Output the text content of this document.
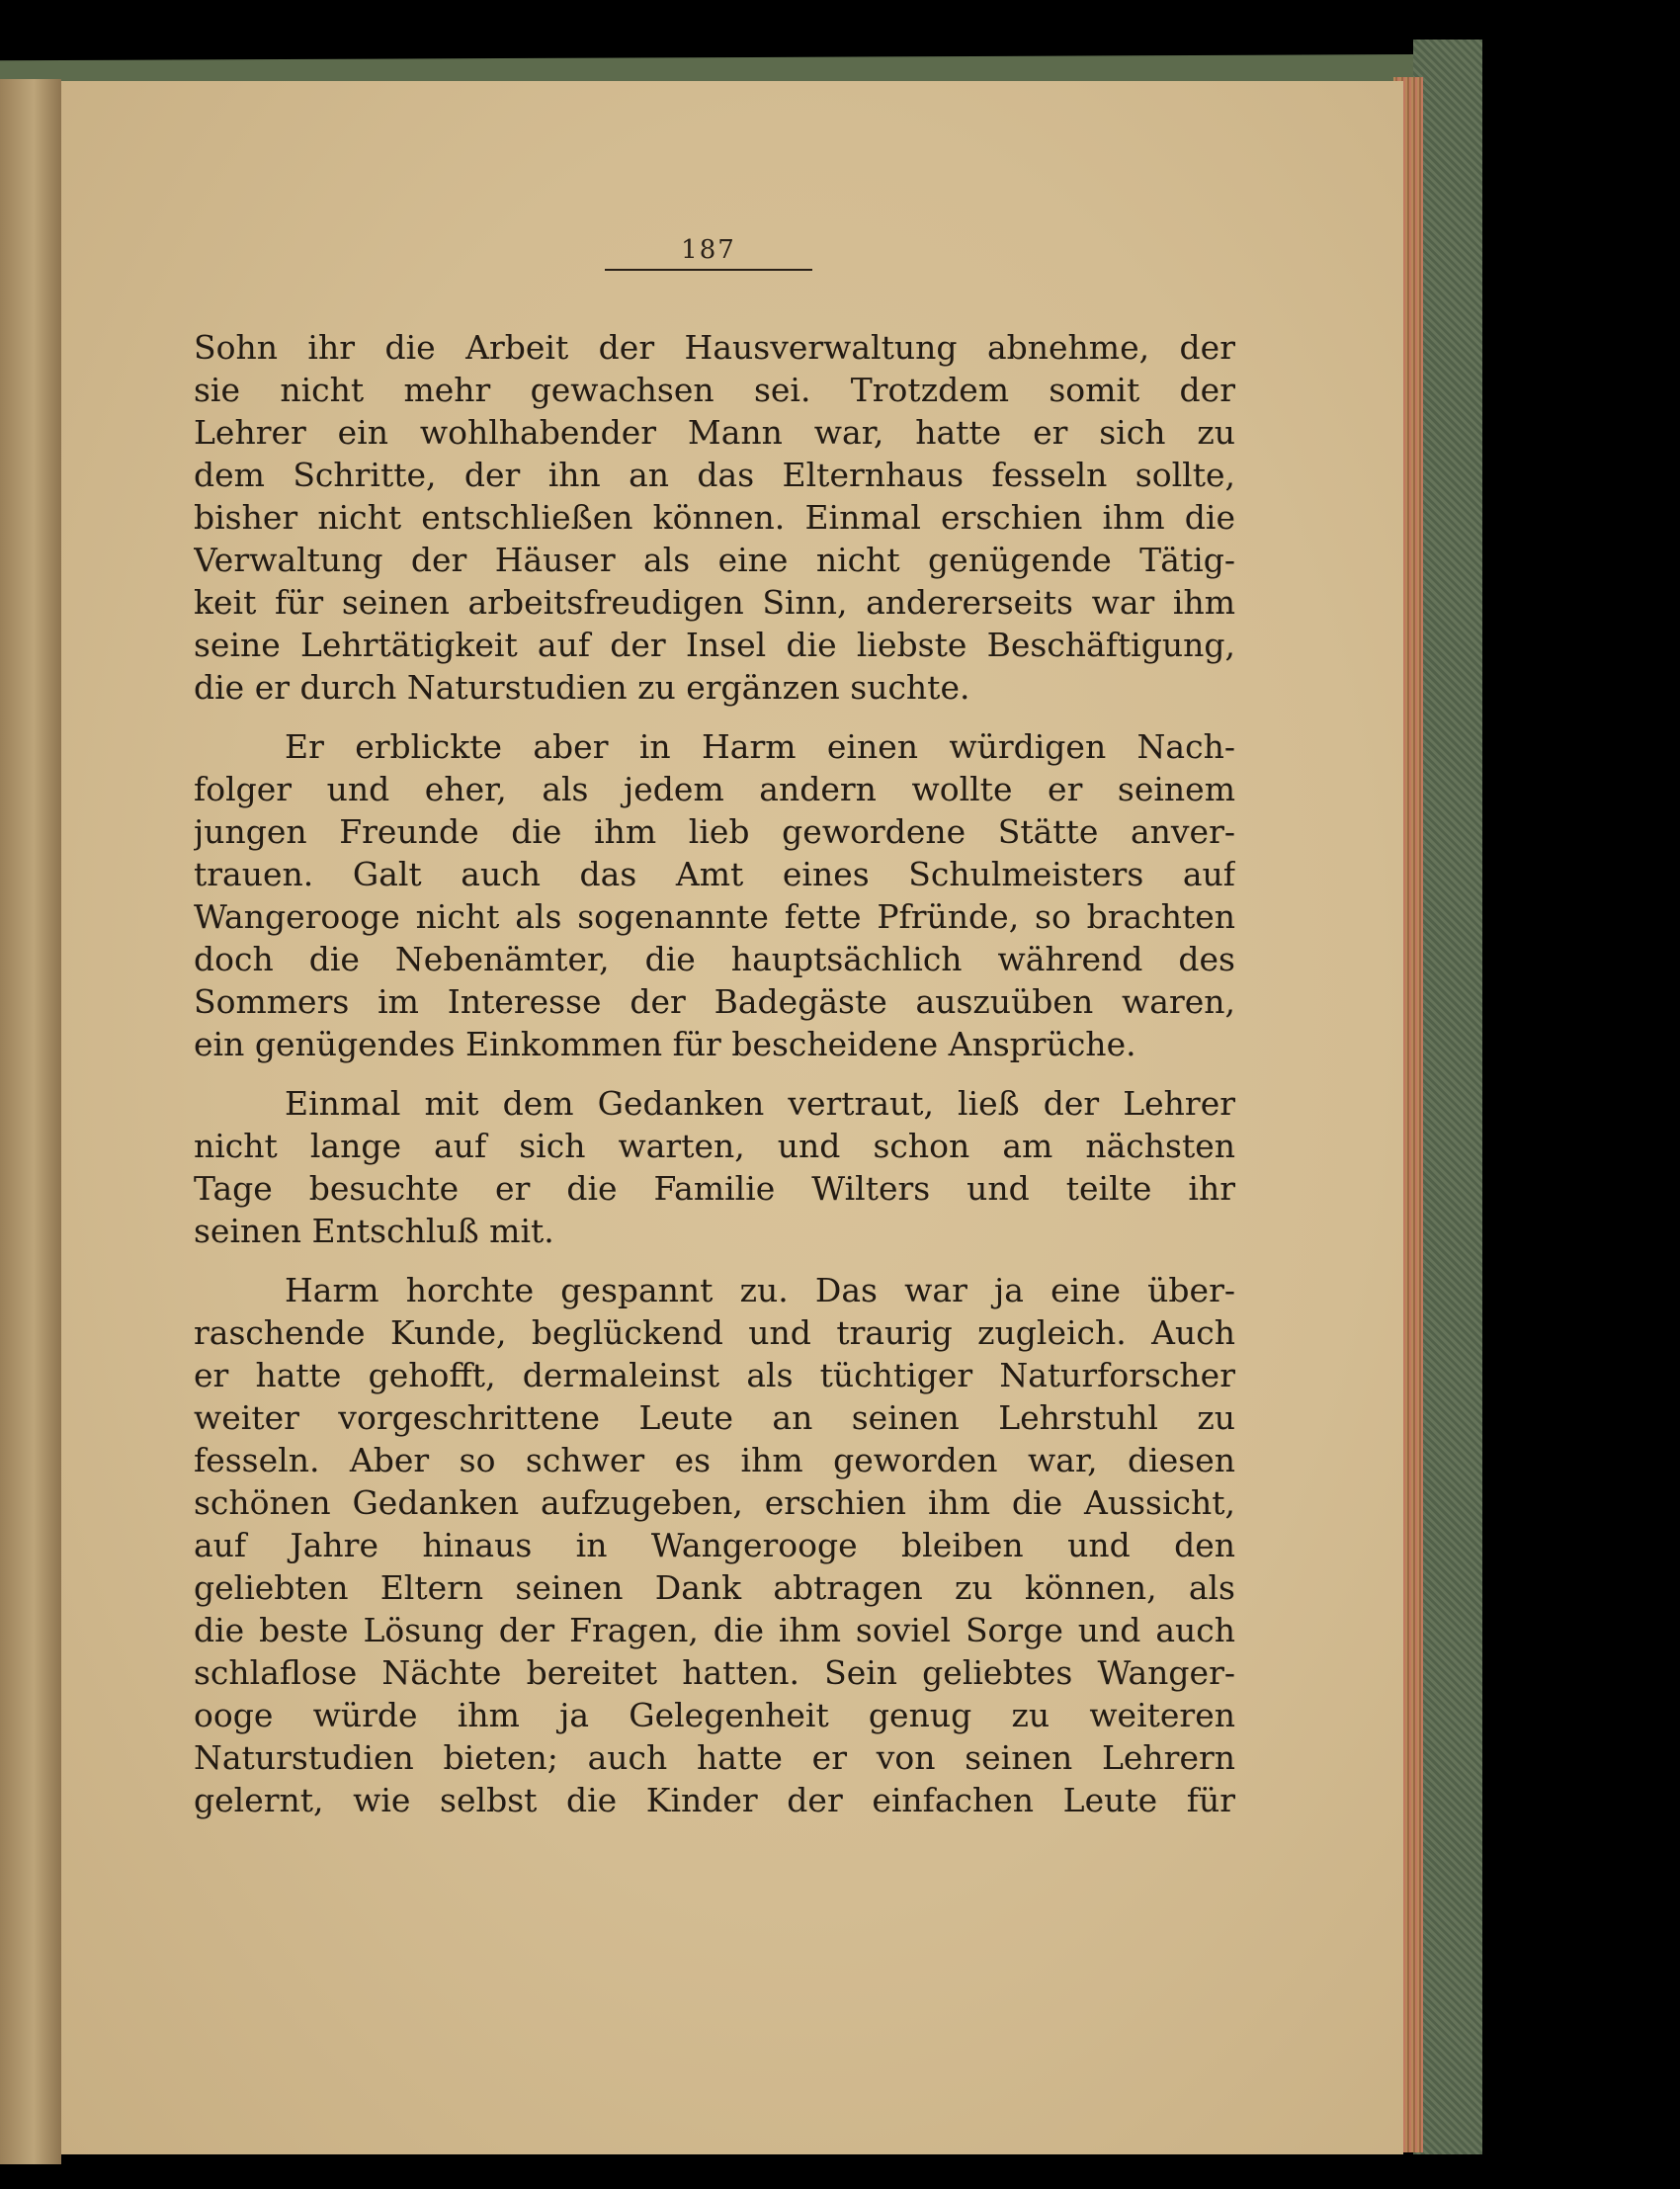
187

Sohn ihr die Arbeit der Hausverwaltung abnehme, der
sie nicht mehr gewachsen sei. Trotzdem somit der
Lehrer ein wohlhabender Mann war, hatte er sich zu
dem Schritte, der ihn an das Elternhaus fesseln sollte,
bisher nicht entschließen können. Einmal erschien ihm die
Verwaltung der Häuser als eine nicht genügende Tätig-
keit für seinen arbeitsfreudigen Sinn, andererseits war ihm
seine Lehrtätigkeit auf der Insel die liebste Beschäftigung,
die er durch Naturstudien zu ergänzen suchte.

Er erblickte aber in Harm einen würdigen Nach-
folger und eher, als jedem andern wollte er seinem
jungen Freunde die ihm lieb gewordene Stätte anver-
trauen. Galt auch das Amt eines Schulmeisters auf
Wangerooge nicht als sogenannte fette Pfründe, so brachten
doch die Nebenämter, die hauptsächlich während des
Sommers im Interesse der Badegäste auszuüben waren,
ein genügendes Einkommen für bescheidene Ansprüche.

Einmal mit dem Gedanken vertraut, ließ der Lehrer
nicht lange auf sich warten, und schon am nächsten
Tage besuchte er die Familie Wilters und teilte ihr
seinen Entschluß mit.

Harm horchte gespannt zu. Das war ja eine über-
raschende Kunde, beglückend und traurig zugleich. Auch
er hatte gehofft, dermaleinst als tüchtiger Naturforscher
weiter vorgeschrittene Leute an seinen Lehrstuhl zu
fesseln. Aber so schwer es ihm geworden war, diesen
schönen Gedanken aufzugeben, erschien ihm die Aussicht,
auf Jahre hinaus in Wangerooge bleiben und den
geliebten Eltern seinen Dank abtragen zu können, als
die beste Lösung der Fragen, die ihm soviel Sorge und auch
schlaflose Nächte bereitet hatten. Sein geliebtes Wanger-
ooge würde ihm ja Gelegenheit genug zu weiteren
Naturstudien bieten; auch hatte er von seinen Lehrern
gelernt, wie selbst die Kinder der einfachen Leute für
